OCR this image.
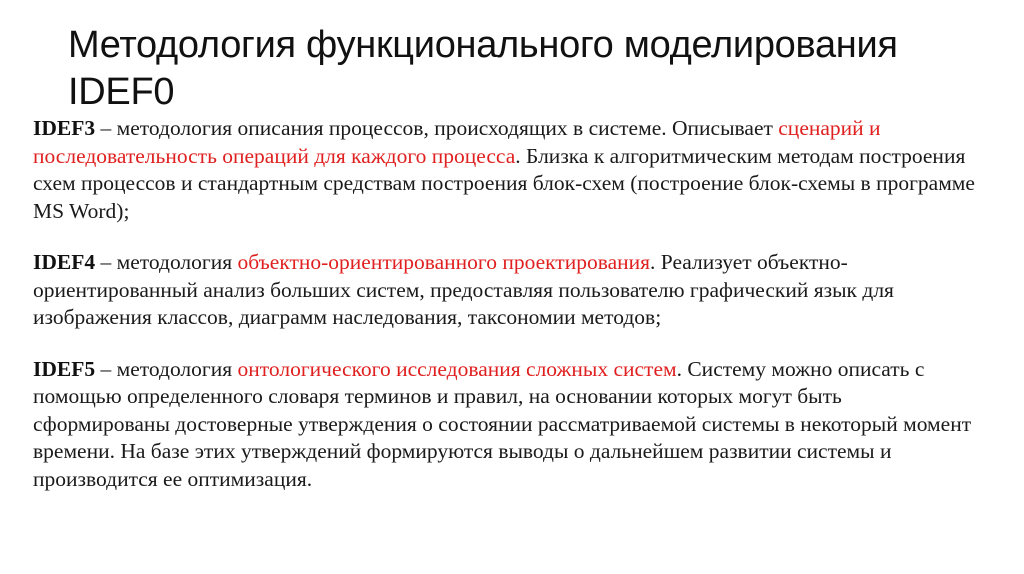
Методология функционального моделирования
IDEF0

IDEF3 – методология описания процессов, происходящих в системе. Описывает сценарий и последовательность операций для каждого процесса. Близка к алгоритмическим методам построения схем процессов и стандартным средствам построения блок-схем (построение блок-схемы в программе MS Word);

IDEF4 – методология объектно-ориентированного проектирования. Реализует объектно-ориентированный анализ больших систем, предоставляя пользователю графический язык для изображения классов, диаграмм наследования, таксономии методов;

IDEF5 – методология онтологического исследования сложных систем. Систему можно описать с помощью определенного словаря терминов и правил, на основании которых могут быть сформированы достоверные утверждения о состоянии рассматриваемой системы в некоторый момент времени. На базе этих утверждений формируются выводы о дальнейшем развитии системы и производится ее оптимизация.
